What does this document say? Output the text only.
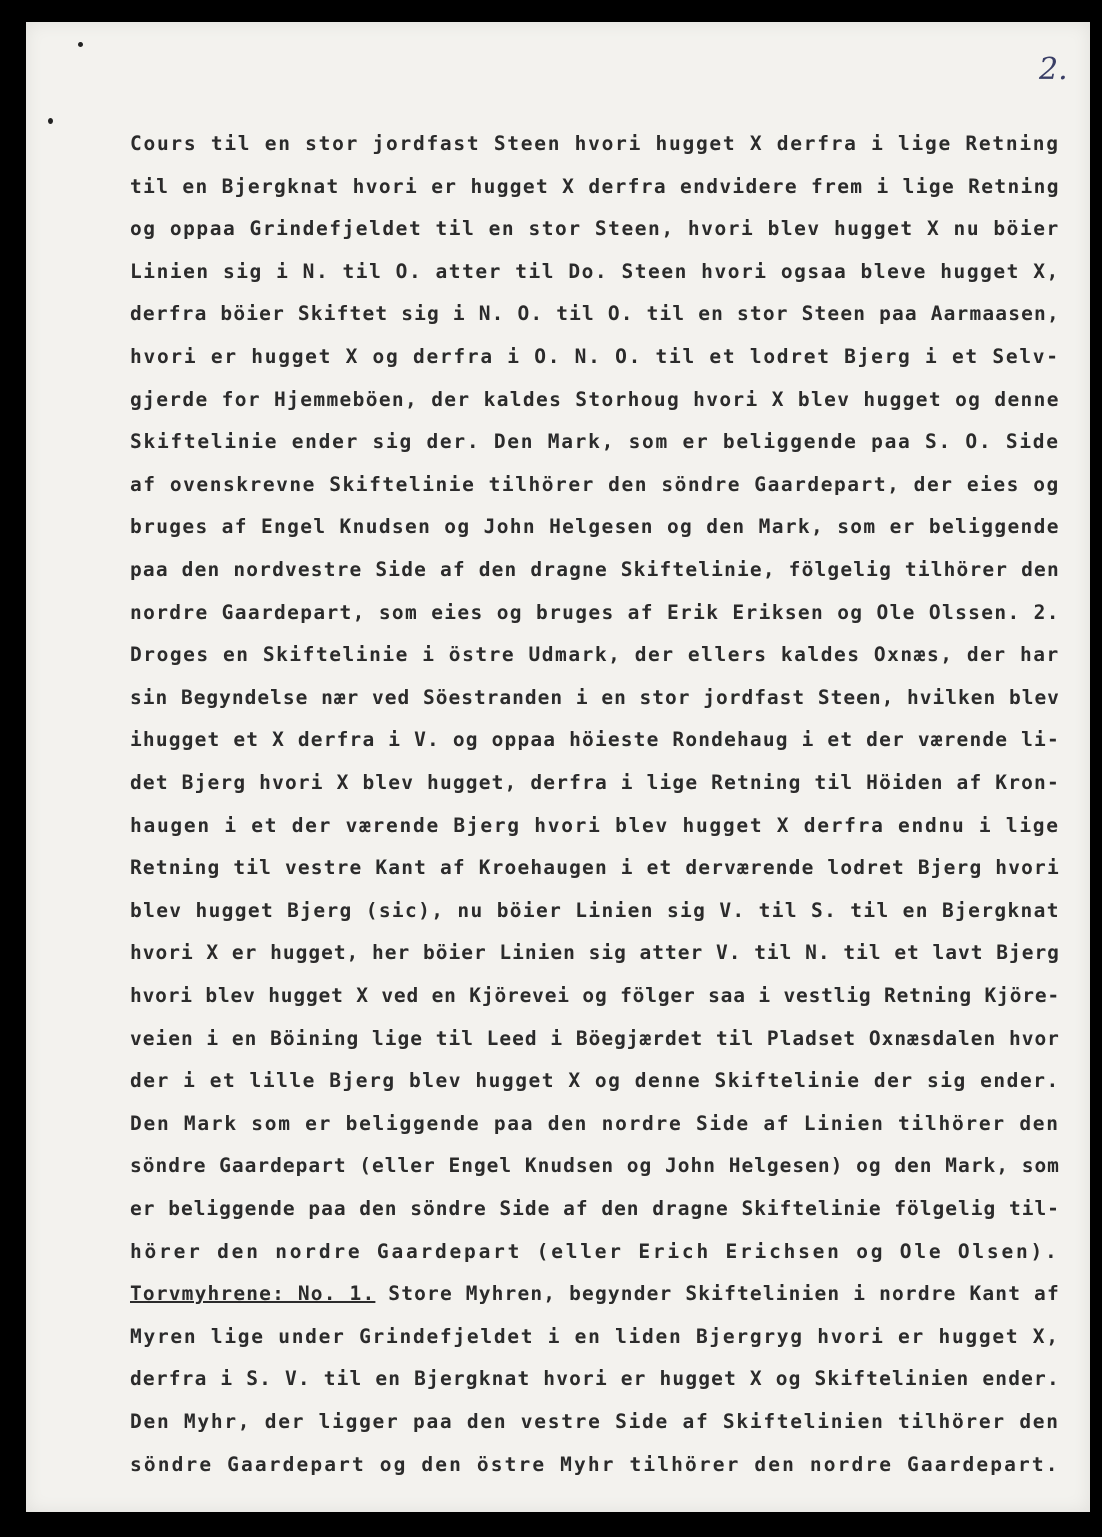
2.
Cours til en stor jordfast Steen hvori hugget X derfra i lige Retning
til en Bjergknat hvori er hugget X derfra endvidere frem i lige Retning
og oppaa Grindefjeldet til en stor Steen, hvori blev hugget X nu böier
Linien sig i N. til O. atter til Do. Steen hvori ogsaa bleve hugget X,
derfra böier Skiftet sig i N. O. til O. til en stor Steen paa Aarmaasen,
hvori er hugget X og derfra i O. N. O. til et lodret Bjerg i et Selv-
gjerde for Hjemmeböen, der kaldes Storhoug hvori X blev hugget og denne
Skiftelinie ender sig der. Den Mark, som er beliggende paa S. O. Side
af ovenskrevne Skiftelinie tilhörer den söndre Gaardepart, der eies og
bruges af Engel Knudsen og John Helgesen og den Mark, som er beliggende
paa den nordvestre Side af den dragne Skiftelinie, fölgelig tilhörer den
nordre Gaardepart, som eies og bruges af Erik Eriksen og Ole Olssen. 2.
Droges en Skiftelinie i östre Udmark, der ellers kaldes Oxnæs, der har
sin Begyndelse nær ved Söestranden i en stor jordfast Steen, hvilken blev
ihugget et X derfra i V. og oppaa höieste Rondehaug i et der værende li-
det Bjerg hvori X blev hugget, derfra i lige Retning til Höiden af Kron-
haugen i et der værende Bjerg hvori blev hugget X derfra endnu i lige
Retning til vestre Kant af Kroehaugen i et derværende lodret Bjerg hvori
blev hugget Bjerg (sic), nu böier Linien sig V. til S. til en Bjergknat
hvori X er hugget, her böier Linien sig atter V. til N. til et lavt Bjerg
hvori blev hugget X ved en Kjörevei og fölger saa i vestlig Retning Kjöre-
veien i en Böining lige til Leed i Böegjærdet til Pladset Oxnæsdalen hvor
der i et lille Bjerg blev hugget X og denne Skiftelinie der sig ender.
Den Mark som er beliggende paa den nordre Side af Linien tilhörer den
söndre Gaardepart (eller Engel Knudsen og John Helgesen) og den Mark, som
er beliggende paa den söndre Side af den dragne Skiftelinie fölgelig til-
hörer den nordre Gaardepart (eller Erich Erichsen og Ole Olsen).
Torvmyhrene: No. 1. Store Myhren, begynder Skiftelinien i nordre Kant af
Myren lige under Grindefjeldet i en liden Bjergryg hvori er hugget X,
derfra i S. V. til en Bjergknat hvori er hugget X og Skiftelinien ender.
Den Myhr, der ligger paa den vestre Side af Skiftelinien tilhörer den
söndre Gaardepart og den östre Myhr tilhörer den nordre Gaardepart.
